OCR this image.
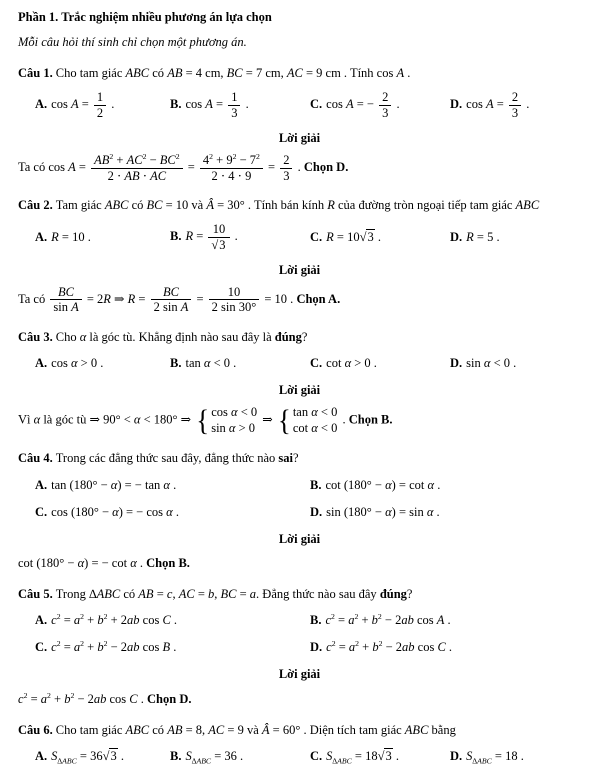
Phần 1. Trắc nghiệm nhiều phương án lựa chọn
Mỗi câu hỏi thí sinh chỉ chọn một phương án.
Câu 1. Cho tam giác ABC có AB = 4 cm, BC = 7 cm, AC = 9 cm . Tính cos A .
A. $\cos A = \frac{1}{2}$ .	B. $\cos A = \frac{1}{3}$ .	C. cos A = − $\frac{2}{3}$ .	D. $\cos A = \frac{2}{3}$ .
Lời giải
Ta có $\cos A = \frac{AB^2 + AC^2 - BC^2}{2 \cdot AB \cdot AC} = \frac{4^2 + 9^2 - 7^2}{2 \cdot 4 \cdot 9} = \frac{2}{3}$ . Chọn D.
Câu 2. Tam giác ABC có BC = 10 và Â = 30° . Tính bán kính R của đường tròn ngoại tiếp tam giác ABC
A. R = 10 .	B. R = 10
√ 3 .	C. R = 10 √ 3 .	D. R = 5 .
Lời giải
Ta có $\frac{BC}{\text{sin A}} = 2R$ ⇒ $R = \frac{BC}{\text{2 sin A}} = \frac{10}{2 \sin 30^\circ} = 10$ . Chọn A.
Câu 3. Cho α là góc tù. Khẳng định nào sau đây là đúng?
A. cos α > 0 .	B. tan α < 0 .	C. cot α > 0 .	D. sin α < 0 .
Lời giải
Vì α là góc tù ⇒ 90° < α < 180° ⇒ { cos α < 0
sin α > 0
⇒ { tan α < 0
cot α < 0
. Chọn B.
Câu 4. Trong các đẳng thức sau đây, đẳng thức nào sai?
A. tan (180° − α) = − tan α .	B. cot (180° − α) = cot α .
C. cos (180° − α) = − cos α .	D. sin (180° − α) = sin α .
Lời giải
cot (180° − α) = − cot α . Chọn B.
Câu 5. Trong ∆ABC có AB = c, AC = b, BC = a. Đẳng thức nào sau đây đúng?
A. $c^2 = a^2 + b^2 + 2ab$ cos C .	B. $c^2 = a^2 + b^2 - 2ab$ cos A .
C. $c^2 = a^2 + b^2 - 2ab$ cos B .	D. $c^2 = a^2 + b^2 - 2ab$ cos C .
Lời giải
$c^2 = a^2 + b^2 - 2ab$ cos C . Chọn D.
Câu 6. Cho tam giác ABC có AB = 8, AC = 9 và Â = 60° . Diện tích tam giác ABC bằng
A. $S_{\Delta ABC} = 36$ √ 3 .	B. $S_{\Delta ABC} = 36$ .	C. $S_{\Delta ABC} = 18$ √ 3 .	D. $S_{\Delta ABC} = 18$ .
